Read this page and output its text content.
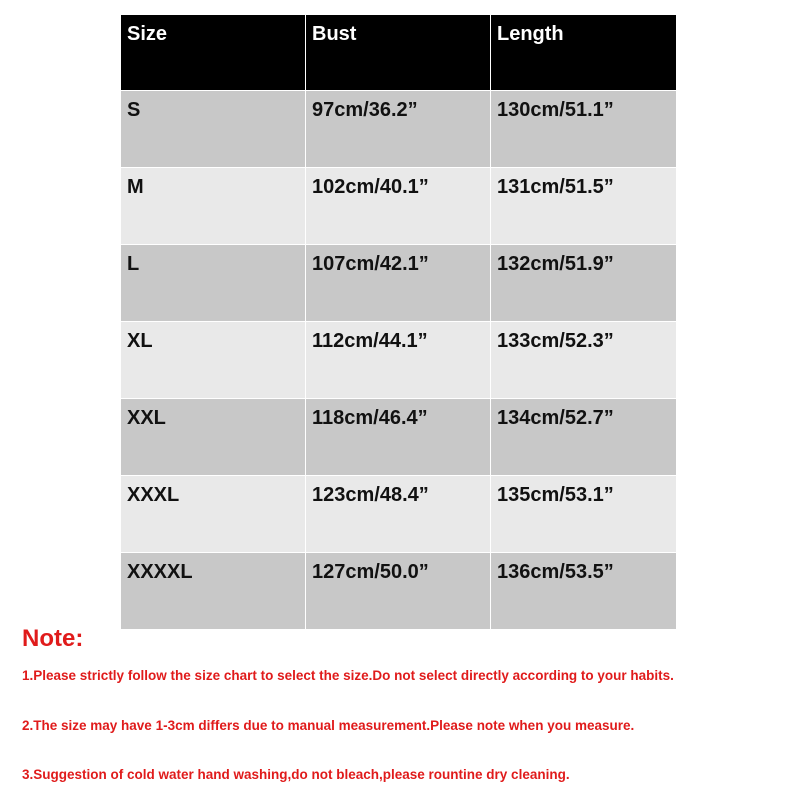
Size	Bust	Length
S	97cm/36.2”	130cm/51.1”
M	102cm/40.1”	131cm/51.5”
L	107cm/42.1”	132cm/51.9”
XL	112cm/44.1”	133cm/52.3”
XXL	118cm/46.4”	134cm/52.7”
XXXL	123cm/48.4”	135cm/53.1”
XXXXL	127cm/50.0”	136cm/53.5”
Note:

1.Please strictly follow the size chart to select the size.Do not select directly according to your habits.

2.The size may have 1-3cm differs due to manual measurement.Please note when you measure.

3.Suggestion of cold water hand washing,do not bleach,please rountine dry cleaning.
